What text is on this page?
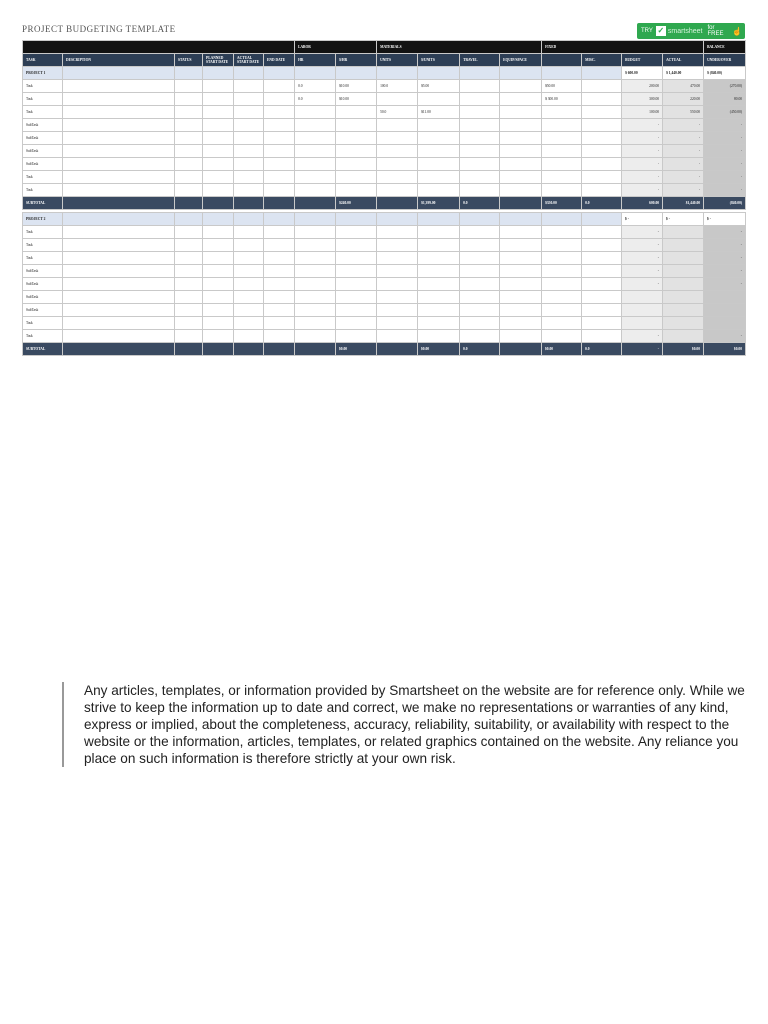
PROJECT BUDGETING TEMPLATE	TRY ✓ smartsheet for FREE	☝
						LABOR		MATERIALS				FIXED				BALANCE
TASK	DESCRIPTION	STATUS	PLANNED START DATE	ACTUAL START DATE	END DATE	HR	$/HR	UNITS	$/UNITS	TRAVEL	EQUIP/SPACE		MISC.	BUDGET	ACTUAL	UNDER/OVER
PROJECT 1														$ 600.00	$ 1,440.00	$ (840.00)
Task						0.0	$10.00	100.0	$5.00			$50.00		200.00	470.00	(270.00)
Task						0.0	$10.00					$ 300.00		300.00	220.00	80.00
Task								50.0	$11.00					100.00	550.00	(450.00)
SubTask														-	-	-
SubTask														-	-	-
SubTask														-	-	-
SubTask														-	-	-
Task														-	-	-
Task														-	-	-
SUBTOTAL							$240.00		$1,399.00	0.0		$350.00	0.0	600.00	$1,440.00	(840.00)
PROJECT 2														$ -	$ -	$ -
Task														-		-
Task														-		-
Task														-		-
SubTask														-		-
SubTask														-		-
SubTask																
SubTask																
Task																
Task														-		-
SUBTOTAL							$0.00		$0.00	0.0		$0.00	0.0	-	$0.00	$0.00
Any articles, templates, or information provided by Smartsheet on the website are for reference only. While we strive to keep the information up to date and correct, we make no representations or warranties of any kind, express or implied, about the completeness, accuracy, reliability, suitability, or availability with respect to the website or the information, articles, templates, or related graphics contained on the website. Any reliance you place on such information is therefore strictly at your own risk.
